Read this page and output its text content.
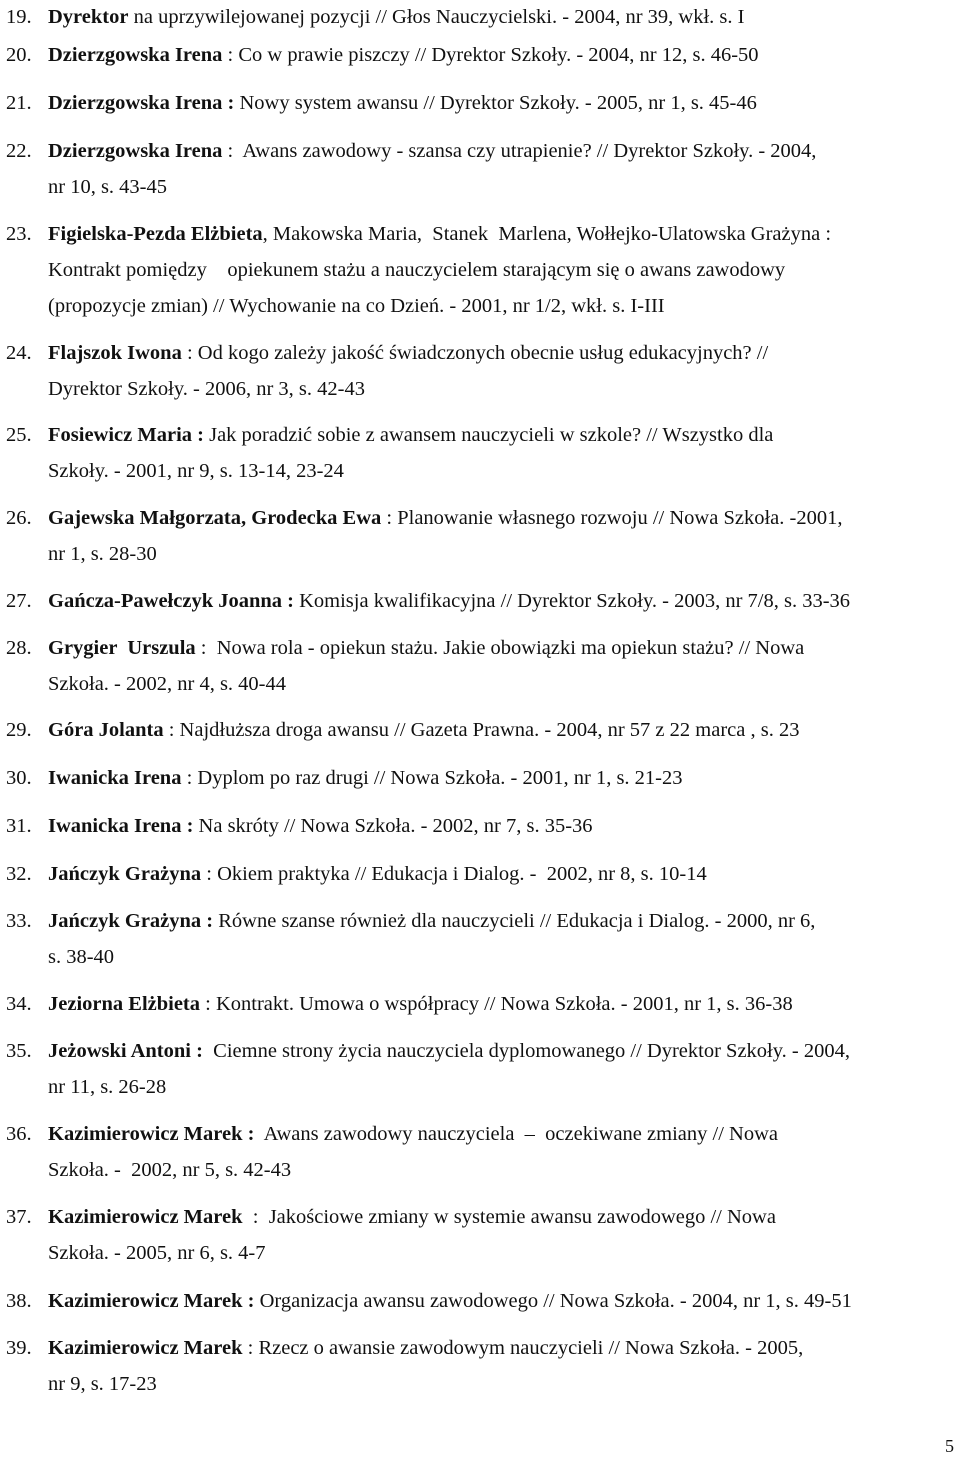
19. Dyrektor na uprzywilejowanej pozycji // Głos Nauczycielski. - 2004, nr 39, wkł. s. I
20. Dzierzgowska Irena : Co w prawie piszczy // Dyrektor Szkoły. - 2004, nr 12, s. 46-50
21. Dzierzgowska Irena : Nowy system awansu // Dyrektor Szkoły. - 2005, nr 1, s. 45-46
22. Dzierzgowska Irena :  Awans zawodowy - szansa czy utrapienie? // Dyrektor Szkoły. - 2004,
nr 10, s. 43-45
23. Figielska-Pezda Elżbieta, Makowska Maria,  Stanek  Marlena, Wołłejko-Ulatowska Grażyna :
Kontrakt pomiędzy    opiekunem stażu a nauczycielem starającym się o awans zawodowy
(propozycje zmian) // Wychowanie na co Dzień. - 2001, nr 1/2, wkł. s. I-III
24. Flajszok Iwona : Od kogo zależy jakość świadczonych obecnie usług edukacyjnych? //
Dyrektor Szkoły. - 2006, nr 3, s. 42-43
25. Fosiewicz Maria : Jak poradzić sobie z awansem nauczycieli w szkole? // Wszystko dla
Szkoły. - 2001, nr 9, s. 13-14, 23-24
26. Gajewska Małgorzata, Grodecka Ewa : Planowanie własnego rozwoju // Nowa Szkoła. -2001,
nr 1, s. 28-30
27. Gańcza-Pawełczyk Joanna : Komisja kwalifikacyjna // Dyrektor Szkoły. - 2003, nr 7/8, s. 33-36
28. Grygier  Urszula :  Nowa rola - opiekun stażu. Jakie obowiązki ma opiekun stażu? // Nowa
Szkoła. - 2002, nr 4, s. 40-44
29. Góra Jolanta : Najdłuższa droga awansu // Gazeta Prawna. - 2004, nr 57 z 22 marca , s. 23
30. Iwanicka Irena : Dyplom po raz drugi // Nowa Szkoła. - 2001, nr 1, s. 21-23
31. Iwanicka Irena : Na skróty // Nowa Szkoła. - 2002, nr 7, s. 35-36
32. Jańczyk Grażyna : Okiem praktyka // Edukacja i Dialog. -  2002, nr 8, s. 10-14
33. Jańczyk Grażyna : Równe szanse również dla nauczycieli // Edukacja i Dialog. - 2000, nr 6,
s. 38-40
34. Jeziorna Elżbieta : Kontrakt. Umowa o współpracy // Nowa Szkoła. - 2001, nr 1, s. 36-38
35. Jeżowski Antoni :  Ciemne strony życia nauczyciela dyplomowanego // Dyrektor Szkoły. - 2004,
nr 11, s. 26-28
36. Kazimierowicz Marek :  Awans zawodowy nauczyciela  –  oczekiwane zmiany // Nowa
Szkoła. -  2002, nr 5, s. 42-43
37. Kazimierowicz Marek  :  Jakościowe zmiany w systemie awansu zawodowego // Nowa
Szkoła. - 2005, nr 6, s. 4-7
38. Kazimierowicz Marek : Organizacja awansu zawodowego // Nowa Szkoła. - 2004, nr 1, s. 49-51
39. Kazimierowicz Marek : Rzecz o awansie zawodowym nauczycieli // Nowa Szkoła. - 2005,
nr 9, s. 17-23
5
